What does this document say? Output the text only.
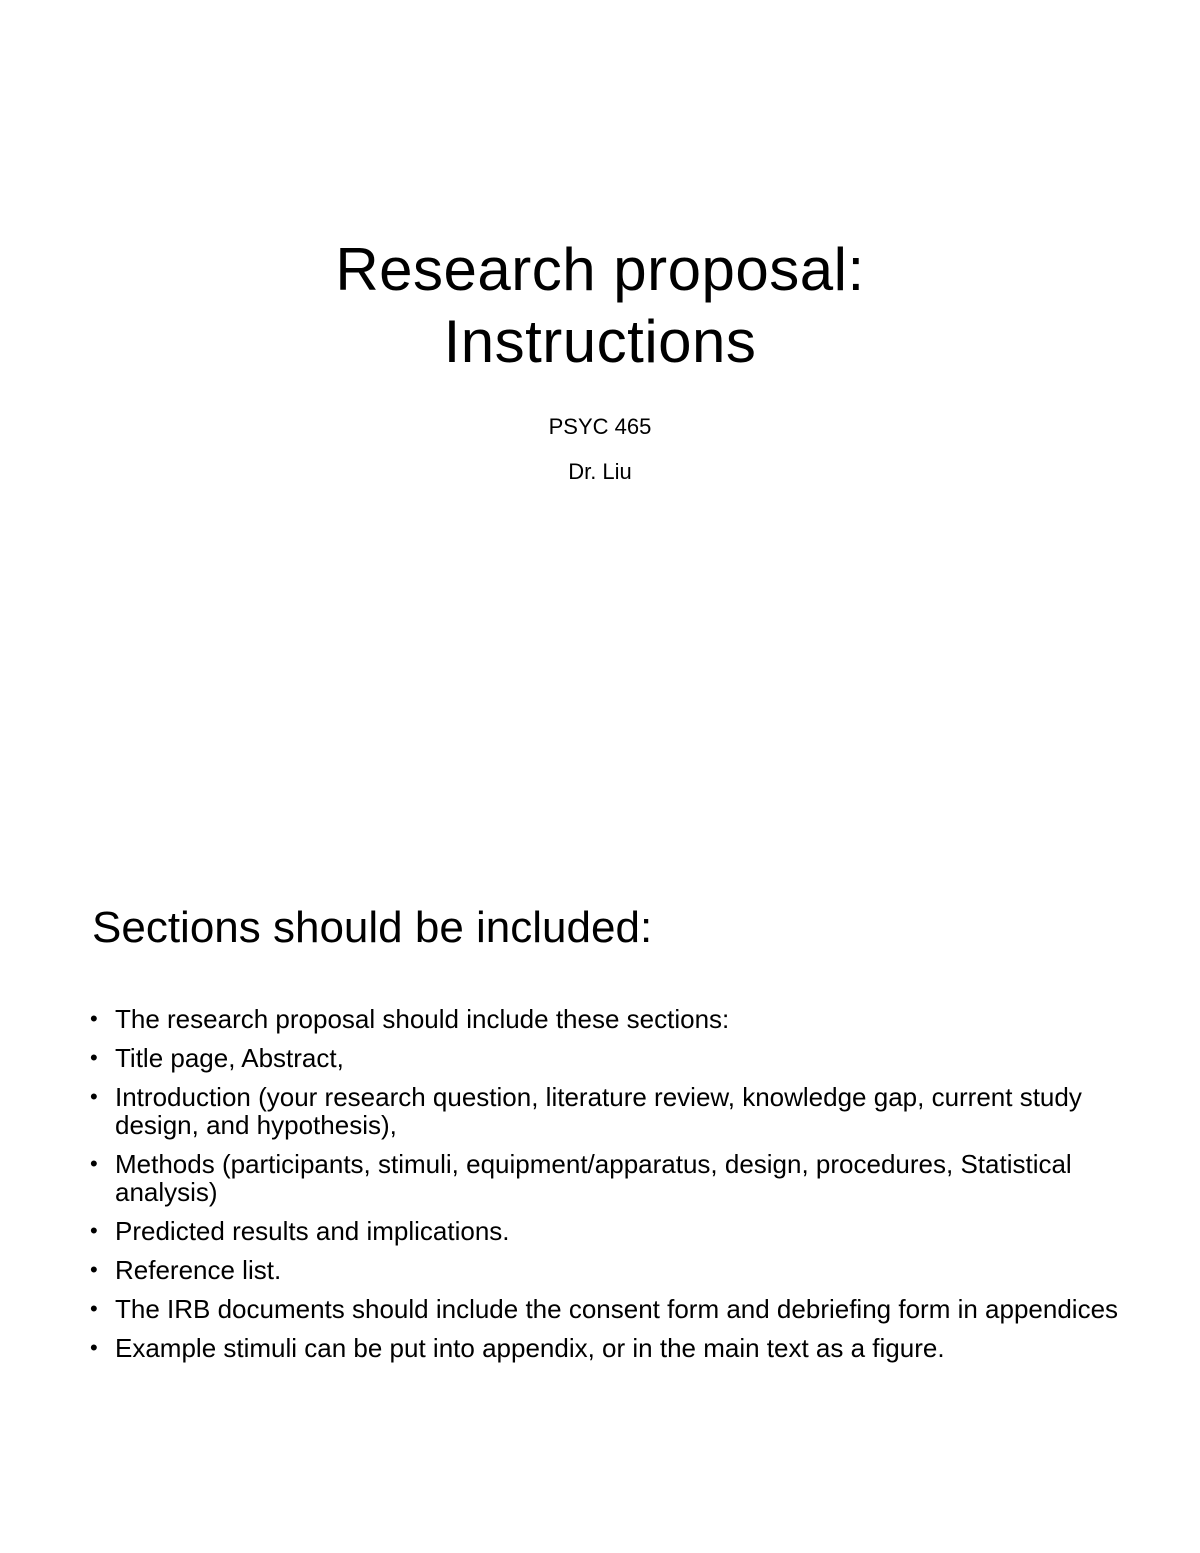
Research proposal:
Instructions

PSYC 465

Dr. Liu

Sections should be included:
• The research proposal should include these sections:
• Title page, Abstract,
• Introduction (your research question, literature review, knowledge gap, current study design, and hypothesis),
• Methods (participants, stimuli, equipment/apparatus, design, procedures, Statistical analysis)
• Predicted results and implications.
• Reference list.
• The IRB documents should include the consent form and debriefing form in appendices
• Example stimuli can be put into appendix, or in the main text as a figure.
